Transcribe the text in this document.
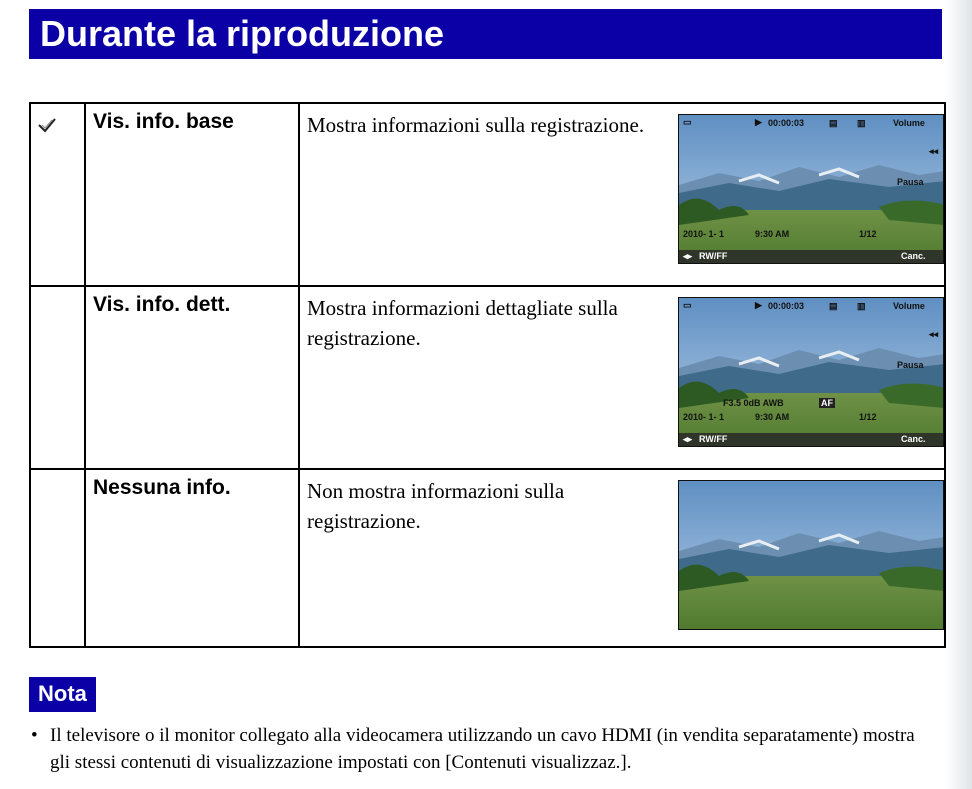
Durante la riproduzione
Vis. info. base	Mostra informazioni sulla registrazione.	▭	▶ 00:00:03	▤ ▥	Volume
◂◂
Pausa
2010- 1- 1	9:30 AM	1/12
◂▸ RW/FF	Canc.
Vis. info. dett.	Mostra informazioni dettagliate sulla registrazione.
▭	▶ 00:00:03	▤ ▥	Volume
◂◂
Pausa
F3.5 0dB AWB	AF
2010- 1- 1	9:30 AM	1/12
◂▸ RW/FF	Canc.
Nessuna info.	Non mostra informazioni sulla registrazione.
Nota
• Il televisore o il monitor collegato alla videocamera utilizzando un cavo HDMI (in vendita separatamente) mostra gli stessi contenuti di visualizzazione impostati con [Contenuti visualizzaz.].
